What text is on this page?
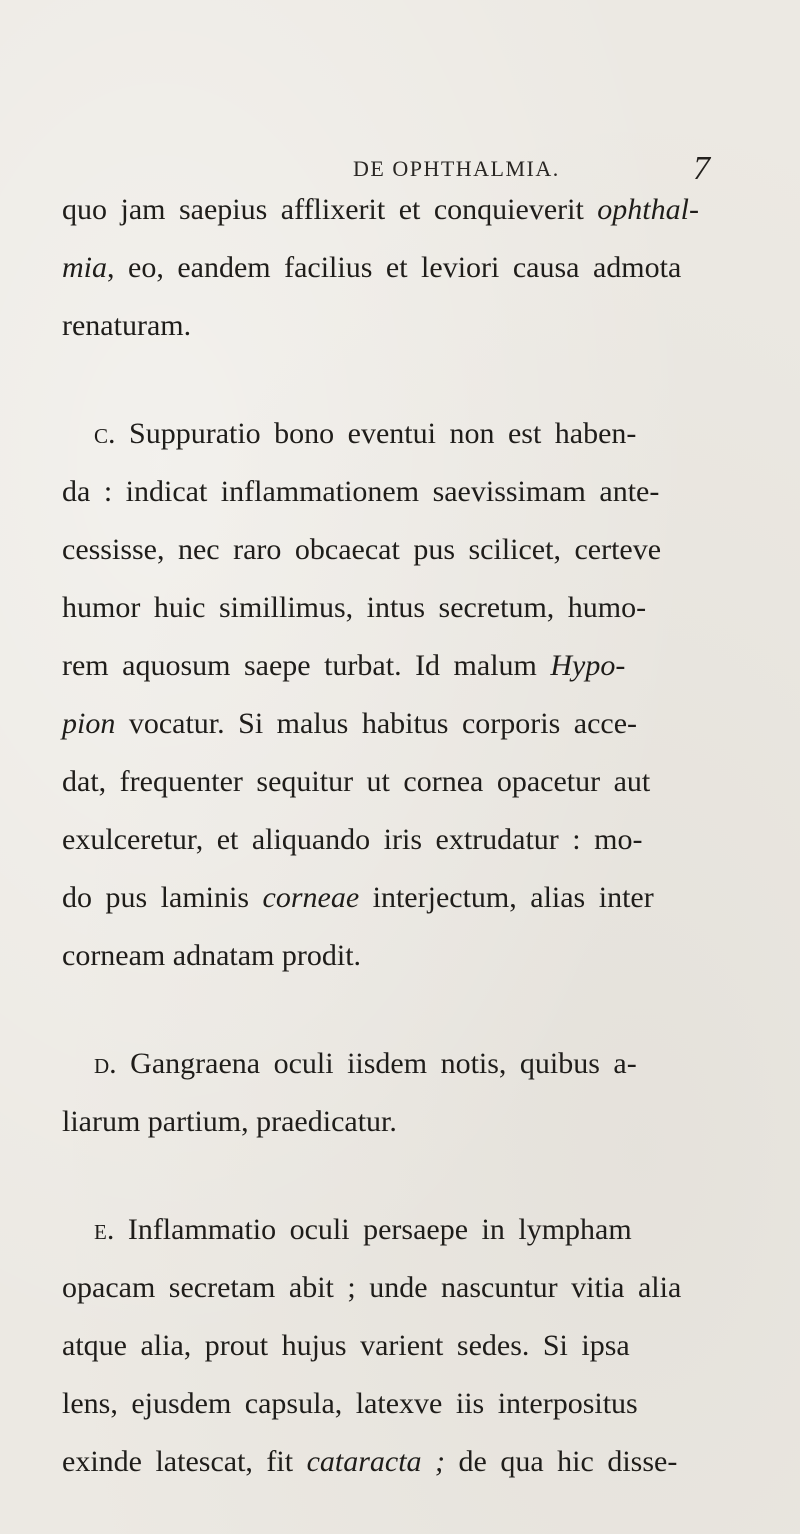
DE OPHTHALMIA.	7
quo jam saepius afflixerit et conquieverit ophthal-
mia, eo, eandem facilius et leviori causa admota
renaturam.
c. Suppuratio bono eventui non est haben-
da : indicat inflammationem saevissimam ante-
cessisse, nec raro obcaecat pus scilicet, certeve
humor huic simillimus, intus secretum, humo-
rem aquosum saepe turbat. Id malum Hypo-
pion vocatur. Si malus habitus corporis acce-
dat, frequenter sequitur ut cornea opacetur aut
exulceretur, et aliquando iris extrudatur : mo-
do pus laminis corneae interjectum, alias inter
corneam adnatam prodit.
d. Gangraena oculi iisdem notis, quibus a-
liarum partium, praedicatur.
e. Inflammatio oculi persaepe in lympham
opacam secretam abit ; unde nascuntur vitia alia
atque alia, prout hujus varient sedes. Si ipsa
lens, ejusdem capsula, latexve iis interpositus
exinde latescat, fit cataracta ; de qua hic disse-
